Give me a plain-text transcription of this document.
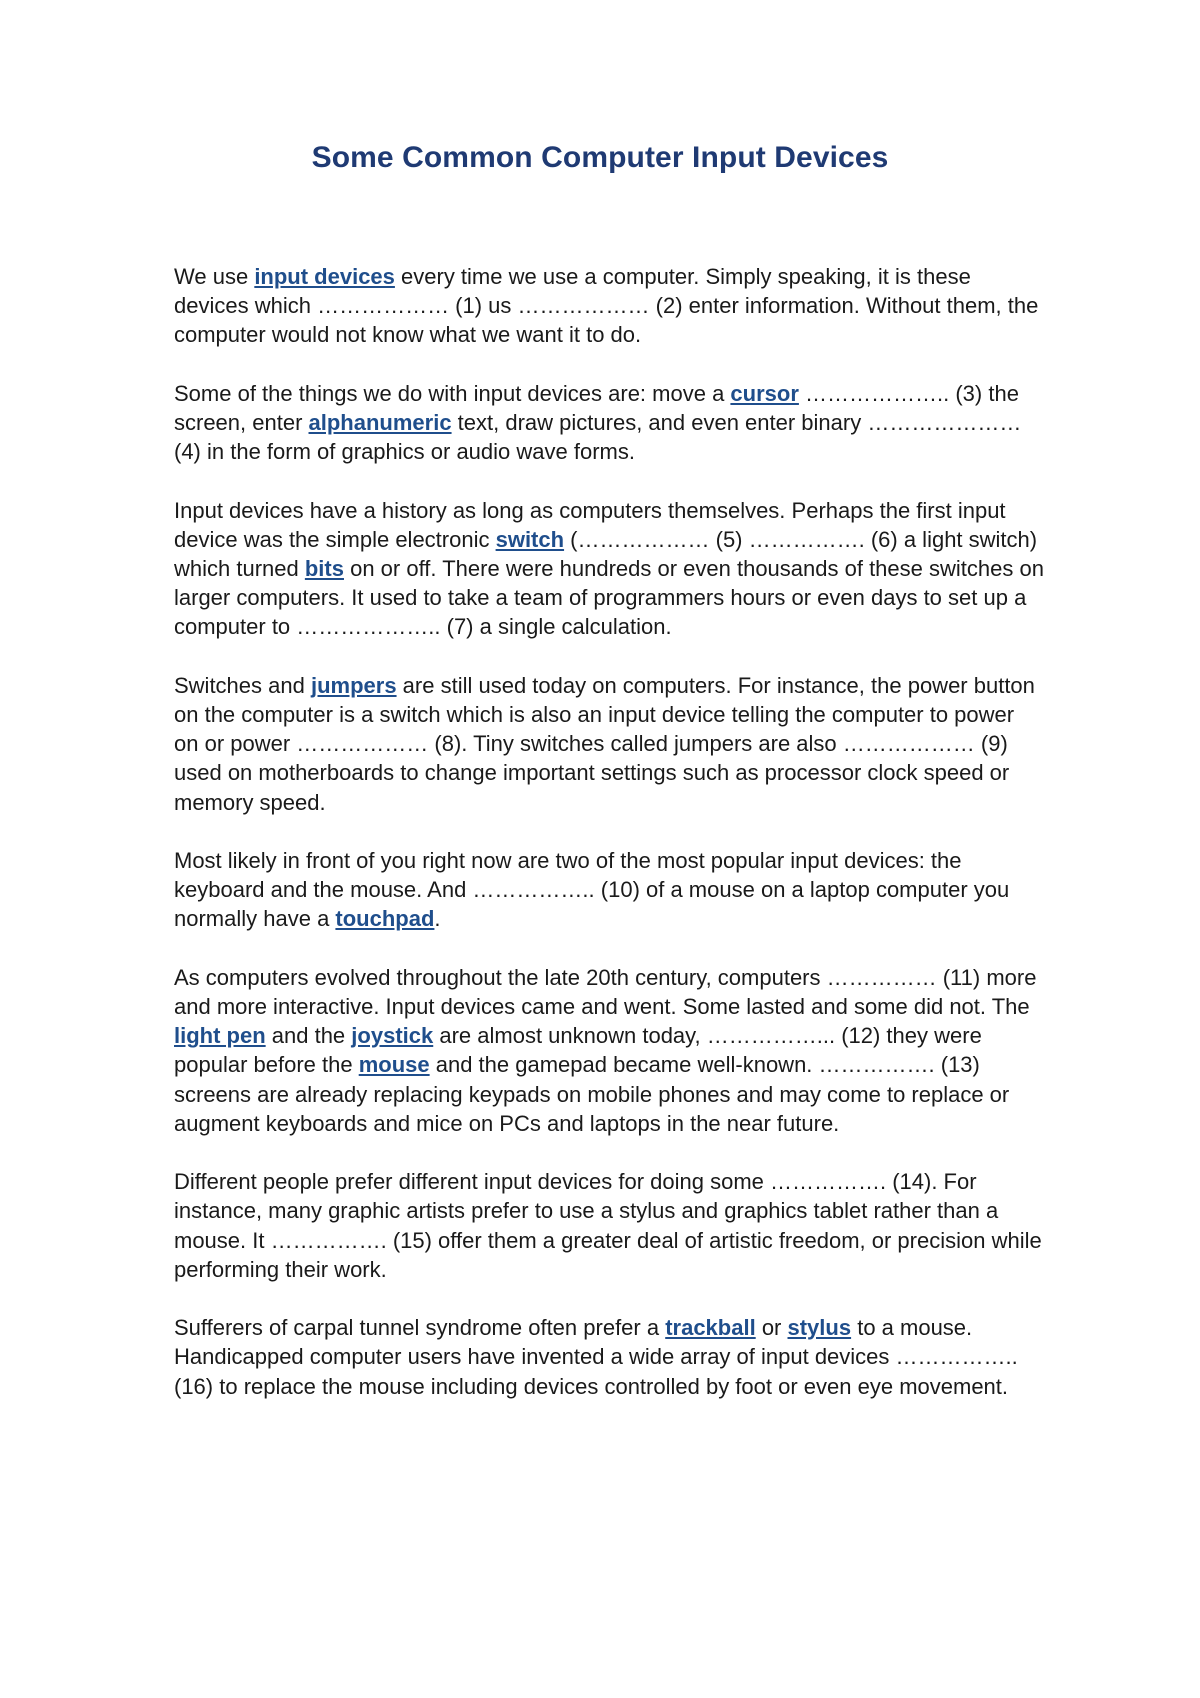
Some Common Computer Input Devices

We use input devices every time we use a computer. Simply speaking, it is these devices which ……………… (1) us ……………… (2) enter information. Without them, the computer would not know what we want it to do.

Some of the things we do with input devices are: move a cursor ……………….. (3) the screen, enter alphanumeric text, draw pictures, and even enter binary ………………… (4) in the form of graphics or audio wave forms.

Input devices have a history as long as computers themselves. Perhaps the first input device was the simple electronic switch (……………… (5) ……………. (6) a light switch) which turned bits on or off. There were hundreds or even thousands of these switches on larger computers. It used to take a team of programmers hours or even days to set up a computer to ……………….. (7) a single calculation.

Switches and jumpers are still used today on computers. For instance, the power button on the computer is a switch which is also an input device telling the computer to power on or power ……………… (8). Tiny switches called jumpers are also ……………… (9) used on motherboards to change important settings such as processor clock speed or memory speed.

Most likely in front of you right now are two of the most popular input devices: the keyboard and the mouse. And …………….. (10) of a mouse on a laptop computer you normally have a touchpad.

As computers evolved throughout the late 20th century, computers …………… (11) more and more interactive. Input devices came and went. Some lasted and some did not. The light pen and the joystick are almost unknown today, ……………... (12) they were popular before the mouse and the gamepad became well-known. ……………. (13) screens are already replacing keypads on mobile phones and may come to replace or augment keyboards and mice on PCs and laptops in the near future.

Different people prefer different input devices for doing some ……………. (14). For instance, many graphic artists prefer to use a stylus and graphics tablet rather than a mouse. It ……………. (15) offer them a greater deal of artistic freedom, or precision while performing their work.

Sufferers of carpal tunnel syndrome often prefer a trackball or stylus to a mouse. Handicapped computer users have invented a wide array of input devices …………….. (16) to replace the mouse including devices controlled by foot or even eye movement.
